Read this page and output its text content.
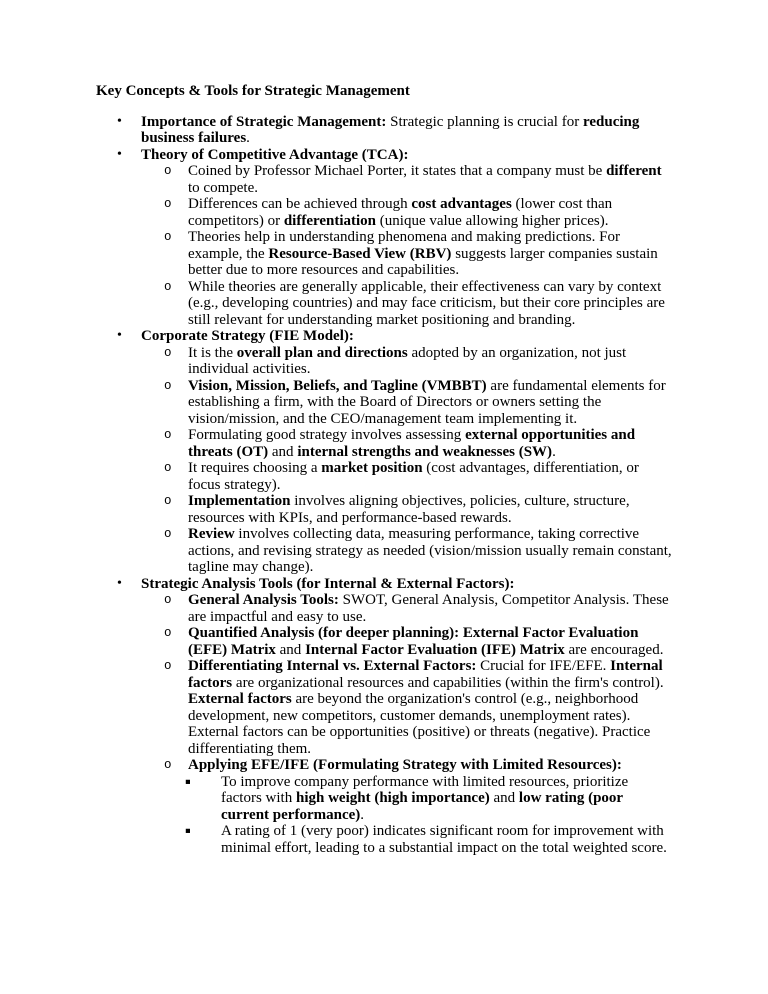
Key Concepts & Tools for Strategic Management
• Importance of Strategic Management: Strategic planning is crucial for reducing business failures.
• Theory of Competitive Advantage (TCA):
o Coined by Professor Michael Porter, it states that a company must be different to compete.
o Differences can be achieved through cost advantages (lower cost than competitors) or differentiation (unique value allowing higher prices).
o Theories help in understanding phenomena and making predictions. For example, the Resource-Based View (RBV) suggests larger companies sustain better due to more resources and capabilities.
o While theories are generally applicable, their effectiveness can vary by context (e.g., developing countries) and may face criticism, but their core principles are still relevant for understanding market positioning and branding.
• Corporate Strategy (FIE Model):
o It is the overall plan and directions adopted by an organization, not just individual activities.
o Vision, Mission, Beliefs, and Tagline (VMBBT) are fundamental elements for establishing a firm, with the Board of Directors or owners setting the vision/mission, and the CEO/management team implementing it.
o Formulating good strategy involves assessing external opportunities and threats (OT) and internal strengths and weaknesses (SW).
o It requires choosing a market position (cost advantages, differentiation, or focus strategy).
o Implementation involves aligning objectives, policies, culture, structure, resources with KPIs, and performance-based rewards.
o Review involves collecting data, measuring performance, taking corrective actions, and revising strategy as needed (vision/mission usually remain constant, tagline may change).
• Strategic Analysis Tools (for Internal & External Factors):
o General Analysis Tools: SWOT, General Analysis, Competitor Analysis. These are impactful and easy to use.
o Quantified Analysis (for deeper planning): External Factor Evaluation (EFE) Matrix and Internal Factor Evaluation (IFE) Matrix are encouraged.
o Differentiating Internal vs. External Factors: Crucial for IFE/EFE. Internal factors are organizational resources and capabilities (within the firm's control). External factors are beyond the organization's control (e.g., neighborhood development, new competitors, customer demands, unemployment rates). External factors can be opportunities (positive) or threats (negative). Practice differentiating them.
o Applying EFE/IFE (Formulating Strategy with Limited Resources):
▪ To improve company performance with limited resources, prioritize factors with high weight (high importance) and low rating (poor current performance).
▪ A rating of 1 (very poor) indicates significant room for improvement with minimal effort, leading to a substantial impact on the total weighted score.
